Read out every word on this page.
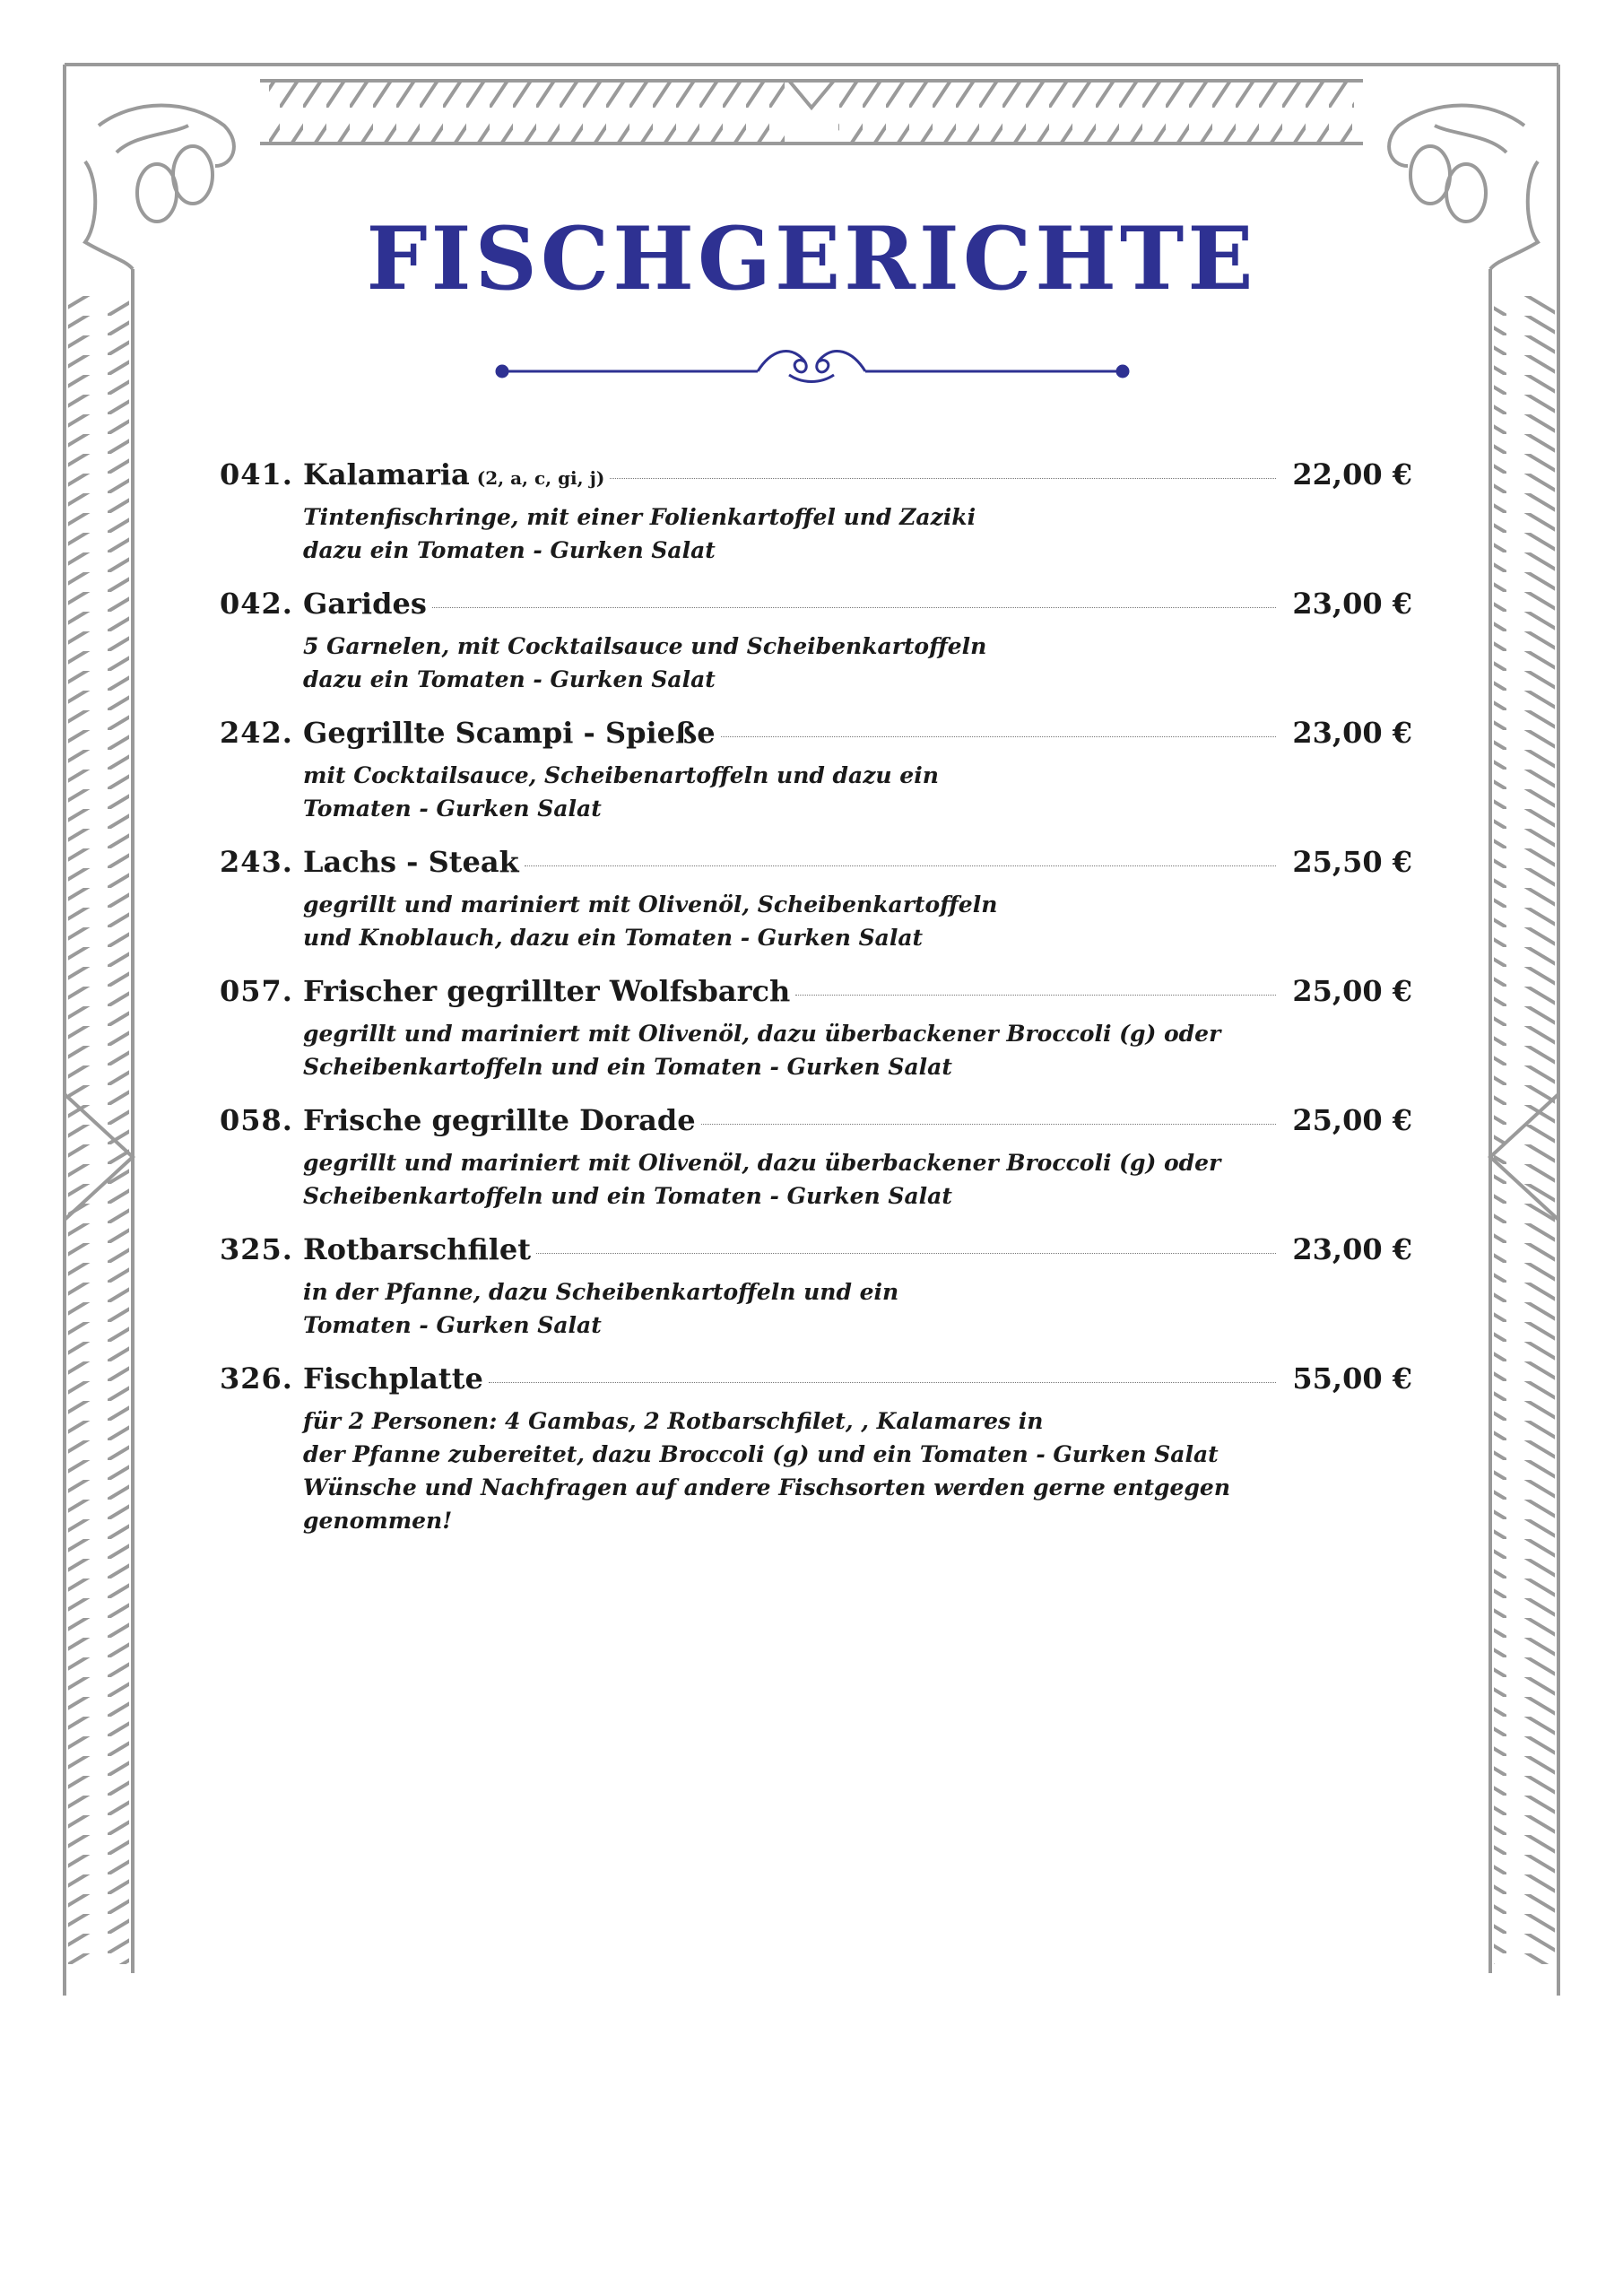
FISCHGERICHTE
041. Kalamaria (2, a, c, gi, j)	22,00 €
Tintenfischringe, mit einer Folienkartoffel und Zaziki
dazu ein Tomaten - Gurken Salat
042. Garides	23,00 €
5 Garnelen, mit Cocktailsauce und Scheibenkartoffeln
dazu ein Tomaten - Gurken Salat
242. Gegrillte Scampi - Spieße	23,00 €
mit Cocktailsauce, Scheibenartoffeln und dazu ein
Tomaten - Gurken Salat
243. Lachs - Steak	25,50 €
gegrillt und mariniert mit Olivenöl, Scheibenkartoffeln
und Knoblauch, dazu ein Tomaten - Gurken Salat
057. Frischer gegrillter Wolfsbarch	25,00 €
gegrillt und mariniert mit Olivenöl, dazu überbackener Broccoli (g) oder
Scheibenkartoffeln und ein Tomaten - Gurken Salat
058. Frische gegrillte Dorade	25,00 €
gegrillt und mariniert mit Olivenöl, dazu überbackener Broccoli (g) oder
Scheibenkartoffeln und ein Tomaten - Gurken Salat
325. Rotbarschfilet	23,00 €
in der Pfanne, dazu Scheibenkartoffeln und ein
Tomaten - Gurken Salat
326. Fischplatte	55,00 €
für 2 Personen: 4 Gambas, 2 Rotbarschfilet, , Kalamares in
der Pfanne zubereitet, dazu Broccoli (g) und ein Tomaten - Gurken Salat
Wünsche und Nachfragen auf andere Fischsorten werden gerne entgegen
genommen!
